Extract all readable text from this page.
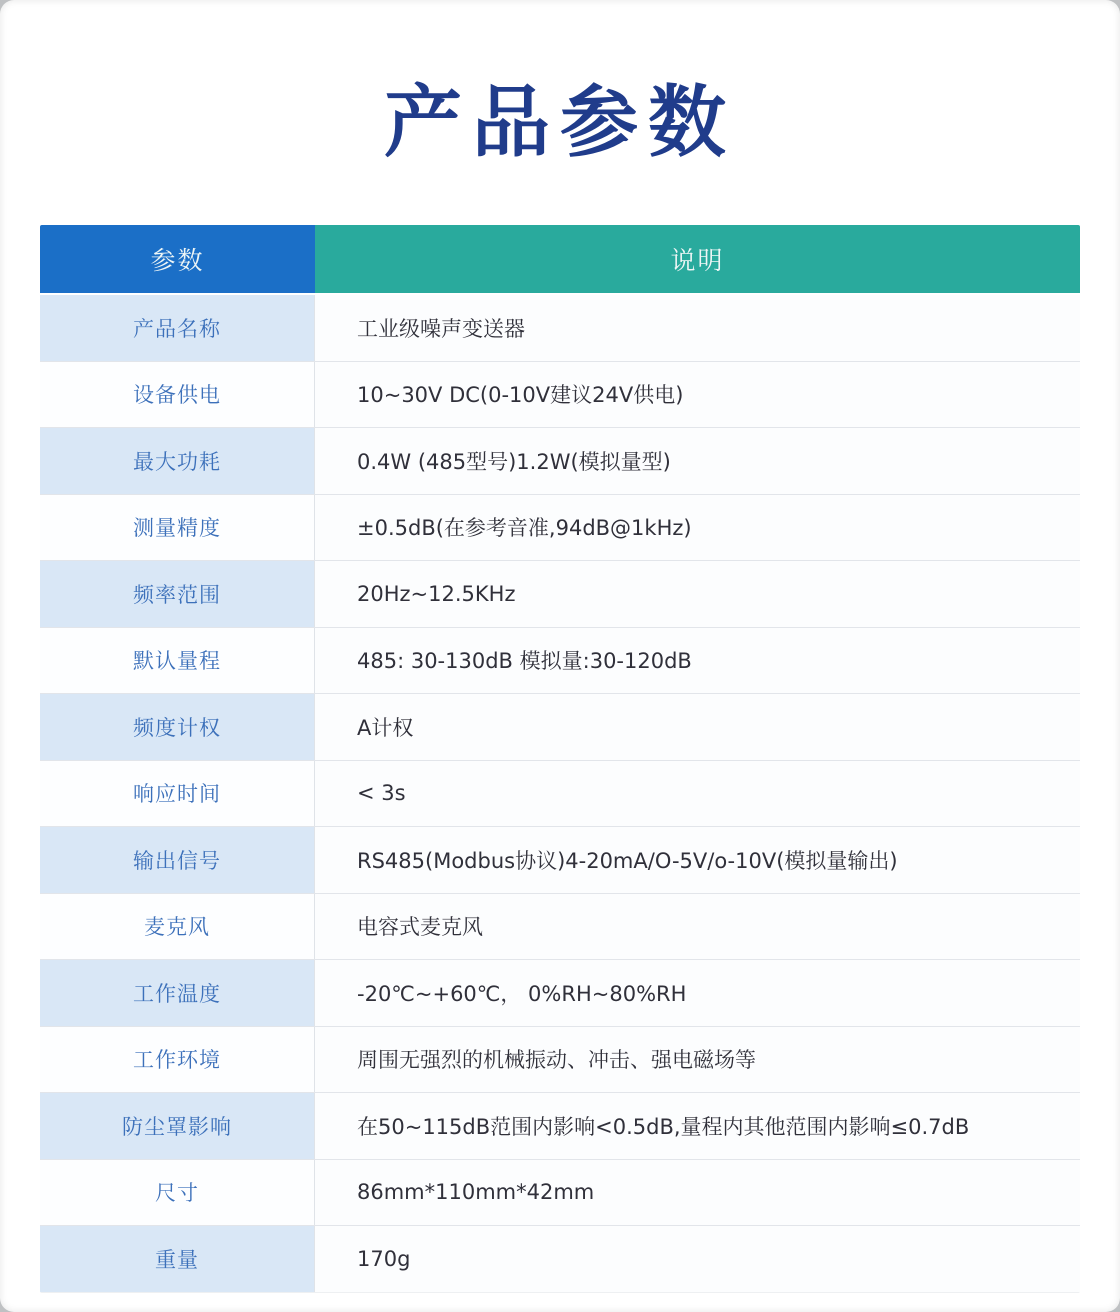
产品参数
参数	说明
产品名称	工业级噪声变送器
设备供电	10~30V DC(0-10V建议24V供电)
最大功耗	0.4W (485型号)1.2W(模拟量型)
测量精度	±0.5dB(在参考音准,94dB@1kHz)
频率范围	20Hz~12.5KHz
默认量程	485: 30-130dB 模拟量:30-120dB
频度计权	A计权
响应时间	< 3s
输出信号	RS485(Modbus协议)4-20mA/O-5V/o-10V(模拟量输出)
麦克风	电容式麦克风
工作温度	-20℃~+60℃， 0%RH~80%RH
工作环境	周围无强烈的机械振动、冲击、强电磁场等
防尘罩影响	在50~115dB范围内影响<0.5dB,量程内其他范围内影响≤0.7dB
尺寸	86mm*110mm*42mm
重量	170g
